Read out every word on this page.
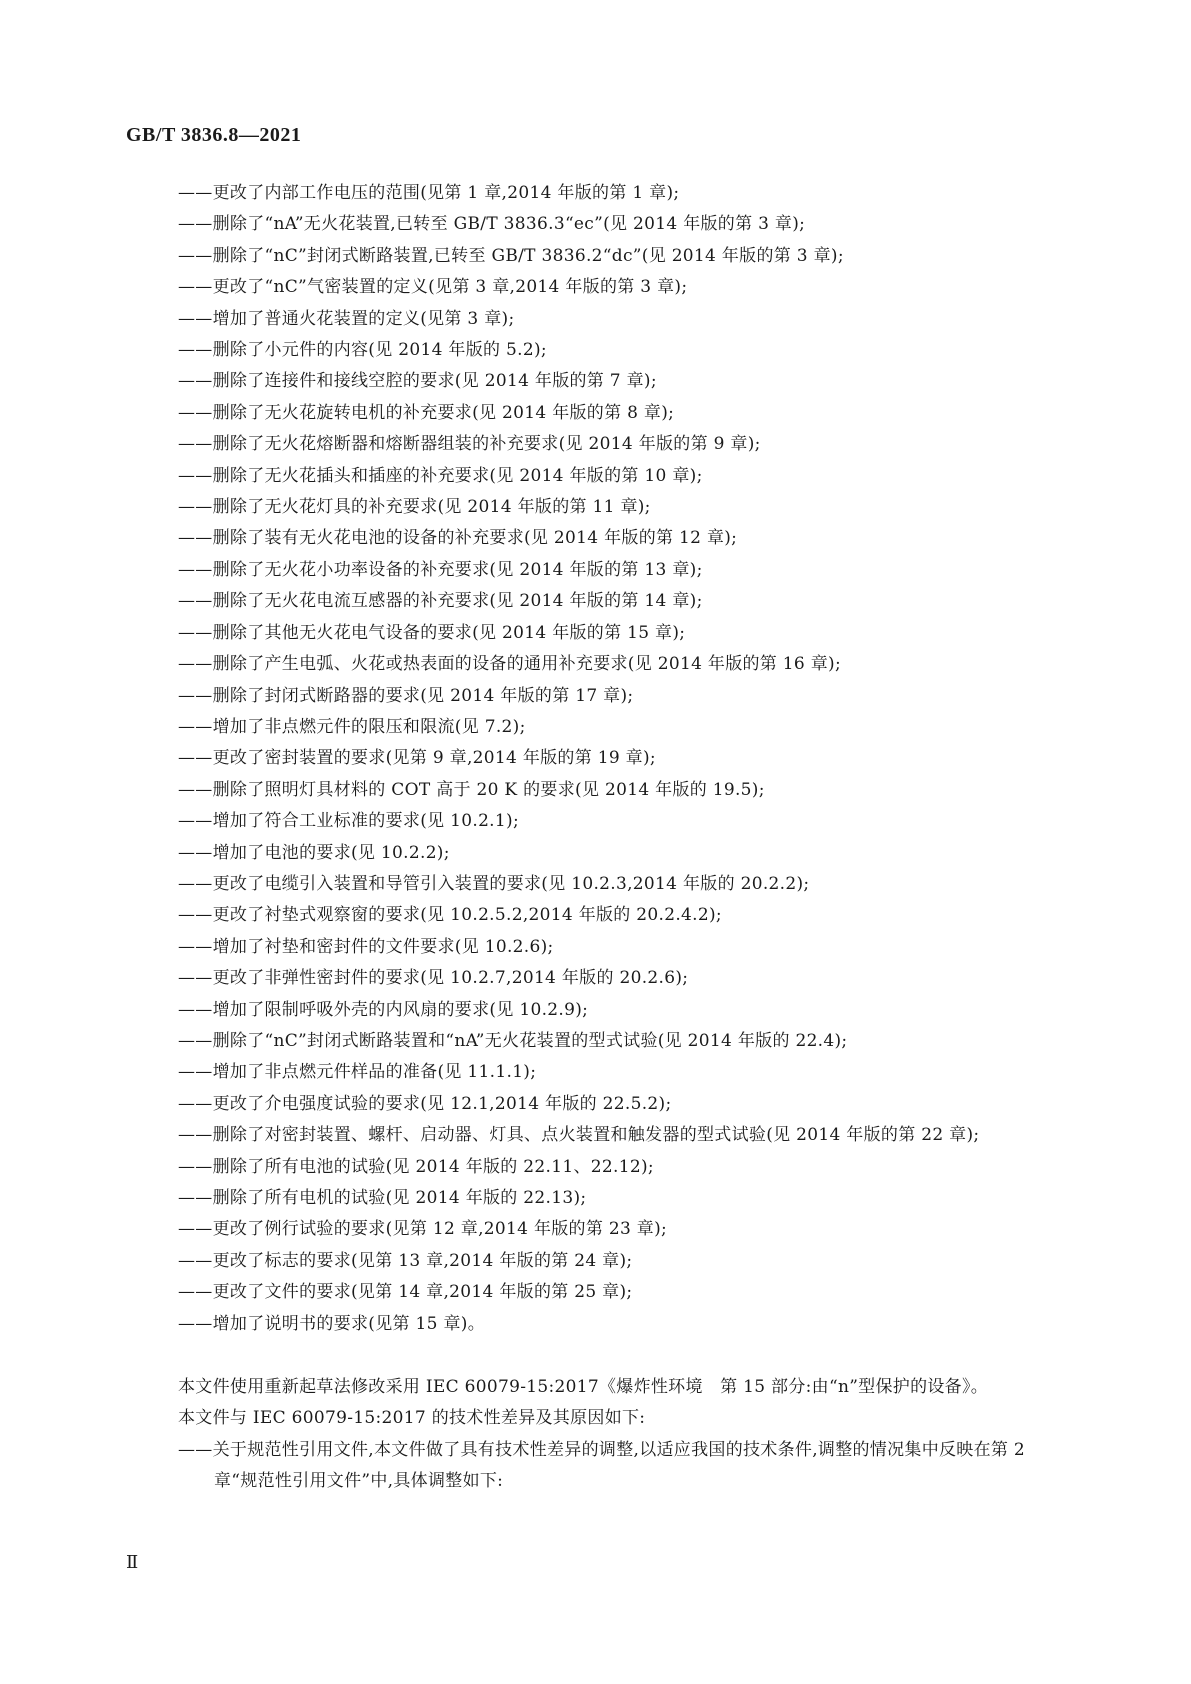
GB/T 3836.8—2021
——更改了内部工作电压的范围(见第 1 章,2014 年版的第 1 章);
——删除了“nA”无火花装置,已转至 GB/T 3836.3“ec”(见 2014 年版的第 3 章);
——删除了“nC”封闭式断路装置,已转至 GB/T 3836.2“dc”(见 2014 年版的第 3 章);
——更改了“nC”气密装置的定义(见第 3 章,2014 年版的第 3 章);
——增加了普通火花装置的定义(见第 3 章);
——删除了小元件的内容(见 2014 年版的 5.2);
——删除了连接件和接线空腔的要求(见 2014 年版的第 7 章);
——删除了无火花旋转电机的补充要求(见 2014 年版的第 8 章);
——删除了无火花熔断器和熔断器组装的补充要求(见 2014 年版的第 9 章);
——删除了无火花插头和插座的补充要求(见 2014 年版的第 10 章);
——删除了无火花灯具的补充要求(见 2014 年版的第 11 章);
——删除了装有无火花电池的设备的补充要求(见 2014 年版的第 12 章);
——删除了无火花小功率设备的补充要求(见 2014 年版的第 13 章);
——删除了无火花电流互感器的补充要求(见 2014 年版的第 14 章);
——删除了其他无火花电气设备的要求(见 2014 年版的第 15 章);
——删除了产生电弧、火花或热表面的设备的通用补充要求(见 2014 年版的第 16 章);
——删除了封闭式断路器的要求(见 2014 年版的第 17 章);
——增加了非点燃元件的限压和限流(见 7.2);
——更改了密封装置的要求(见第 9 章,2014 年版的第 19 章);
——删除了照明灯具材料的 COT 高于 20 K 的要求(见 2014 年版的 19.5);
——增加了符合工业标准的要求(见 10.2.1);
——增加了电池的要求(见 10.2.2);
——更改了电缆引入装置和导管引入装置的要求(见 10.2.3,2014 年版的 20.2.2);
——更改了衬垫式观察窗的要求(见 10.2.5.2,2014 年版的 20.2.4.2);
——增加了衬垫和密封件的文件要求(见 10.2.6);
——更改了非弹性密封件的要求(见 10.2.7,2014 年版的 20.2.6);
——增加了限制呼吸外壳的内风扇的要求(见 10.2.9);
——删除了“nC”封闭式断路装置和“nA”无火花装置的型式试验(见 2014 年版的 22.4);
——增加了非点燃元件样品的准备(见 11.1.1);
——更改了介电强度试验的要求(见 12.1,2014 年版的 22.5.2);
——删除了对密封装置、螺杆、启动器、灯具、点火装置和触发器的型式试验(见 2014 年版的第 22 章);
——删除了所有电池的试验(见 2014 年版的 22.11、22.12);
——删除了所有电机的试验(见 2014 年版的 22.13);
——更改了例行试验的要求(见第 12 章,2014 年版的第 23 章);
——更改了标志的要求(见第 13 章,2014 年版的第 24 章);
——更改了文件的要求(见第 14 章,2014 年版的第 25 章);
——增加了说明书的要求(见第 15 章)。

本文件使用重新起草法修改采用 IEC 60079-15:2017《爆炸性环境　第 15 部分:由“n”型保护的设备》。

本文件与 IEC 60079-15:2017 的技术性差异及其原因如下:

——关于规范性引用文件,本文件做了具有技术性差异的调整,以适应我国的技术条件,调整的情况集中反映在第 2 章“规范性引用文件”中,具体调整如下:

Ⅱ
